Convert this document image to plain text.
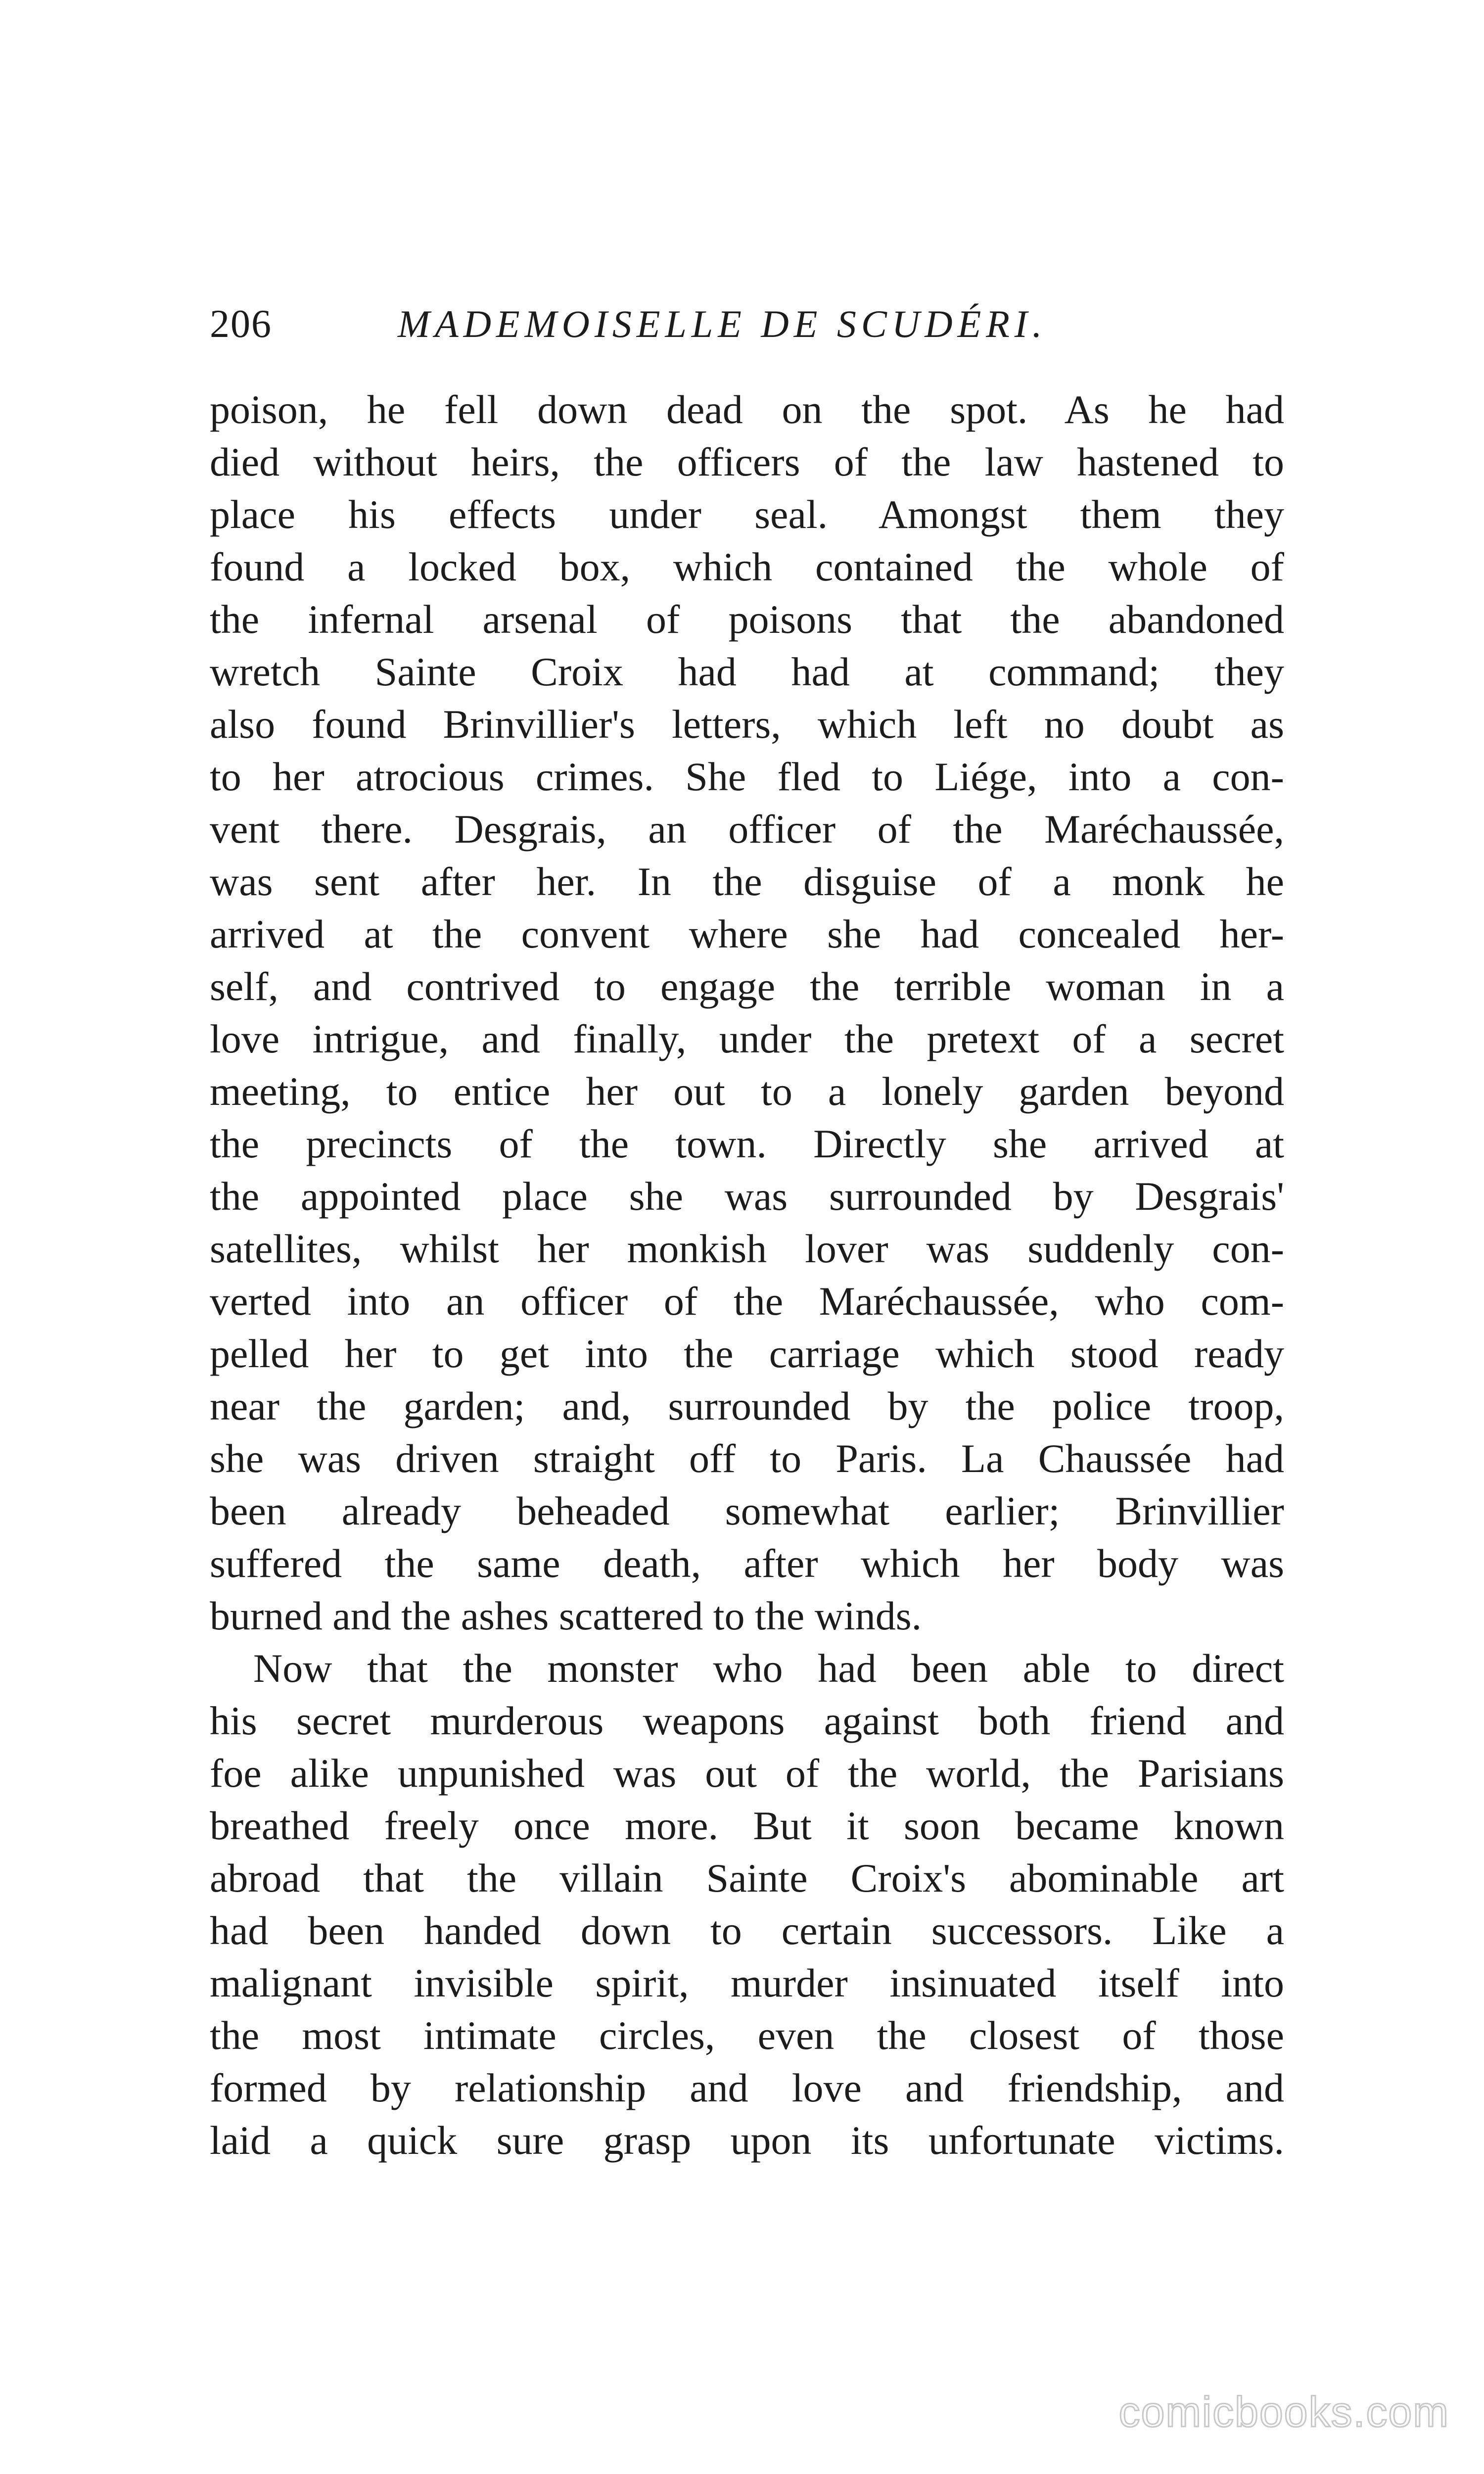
206	MADEMOISELLE DE SCUDÉRI.
poison, he fell down dead on the spot. As he had
died without heirs, the officers of the law hastened to
place his effects under seal. Amongst them they
found a locked box, which contained the whole of
the infernal arsenal of poisons that the abandoned
wretch Sainte Croix had had at command; they
also found Brinvillier's letters, which left no doubt as
to her atrocious crimes. She fled to Liége, into a con-
vent there. Desgrais, an officer of the Maréchaussée,
was sent after her. In the disguise of a monk he
arrived at the convent where she had concealed her-
self, and contrived to engage the terrible woman in a
love intrigue, and finally, under the pretext of a secret
meeting, to entice her out to a lonely garden beyond
the precincts of the town. Directly she arrived at
the appointed place she was surrounded by Desgrais'
satellites, whilst her monkish lover was suddenly con-
verted into an officer of the Maréchaussée, who com-
pelled her to get into the carriage which stood ready
near the garden; and, surrounded by the police troop,
she was driven straight off to Paris. La Chaussée had
been already beheaded somewhat earlier; Brinvillier
suffered the same death, after which her body was
burned and the ashes scattered to the winds.
Now that the monster who had been able to direct
his secret murderous weapons against both friend and
foe alike unpunished was out of the world, the Parisians
breathed freely once more. But it soon became known
abroad that the villain Sainte Croix's abominable art
had been handed down to certain successors. Like a
malignant invisible spirit, murder insinuated itself into
the most intimate circles, even the closest of those
formed by relationship and love and friendship, and
laid a quick sure grasp upon its unfortunate victims.
comicbooks.com
